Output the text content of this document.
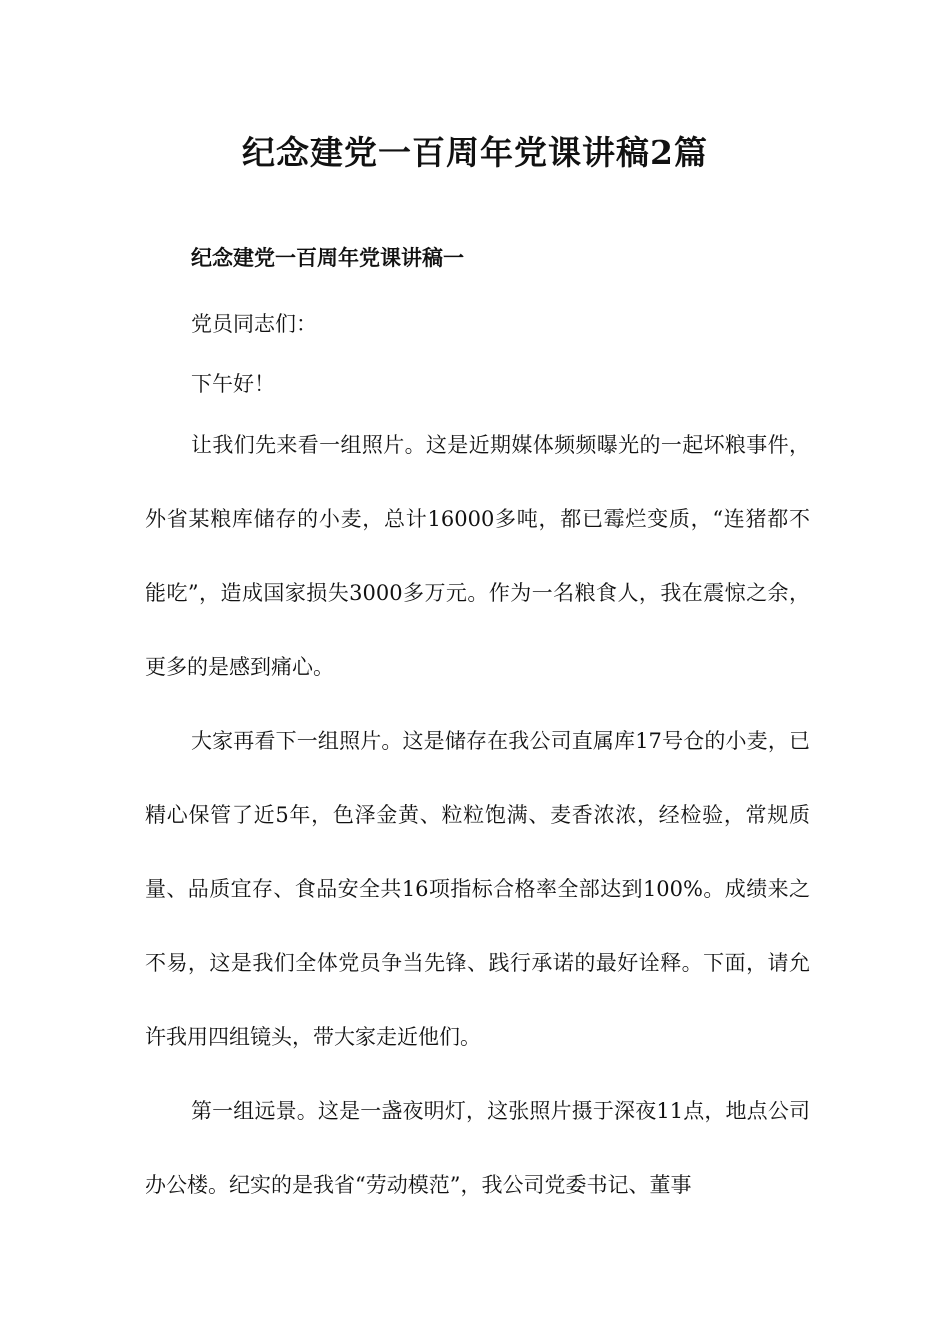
纪念建党一百周年党课讲稿2篇
纪念建党一百周年党课讲稿一

党员同志们：

下午好！

让我们先来看一组照片。这是近期媒体频频曝光的一起坏粮事件，外省某粮库储存的小麦，总计16000多吨，都已霉烂变质，“连猪都不能吃”，造成国家损失3000多万元。作为一名粮食人，我在震惊之余，更多的是感到痛心。

大家再看下一组照片。这是储存在我公司直属库17号仓的小麦，已精心保管了近5年，色泽金黄、粒粒饱满、麦香浓浓，经检验，常规质量、品质宜存、食品安全共16项指标合格率全部达到100%。成绩来之不易，这是我们全体党员争当先锋、践行承诺的最好诠释。下面，请允许我用四组镜头，带大家走近他们。

第一组远景。这是一盏夜明灯，这张照片摄于深夜11点，地点公司办公楼。纪实的是我省“劳动模范”，我公司党委书记、董事
